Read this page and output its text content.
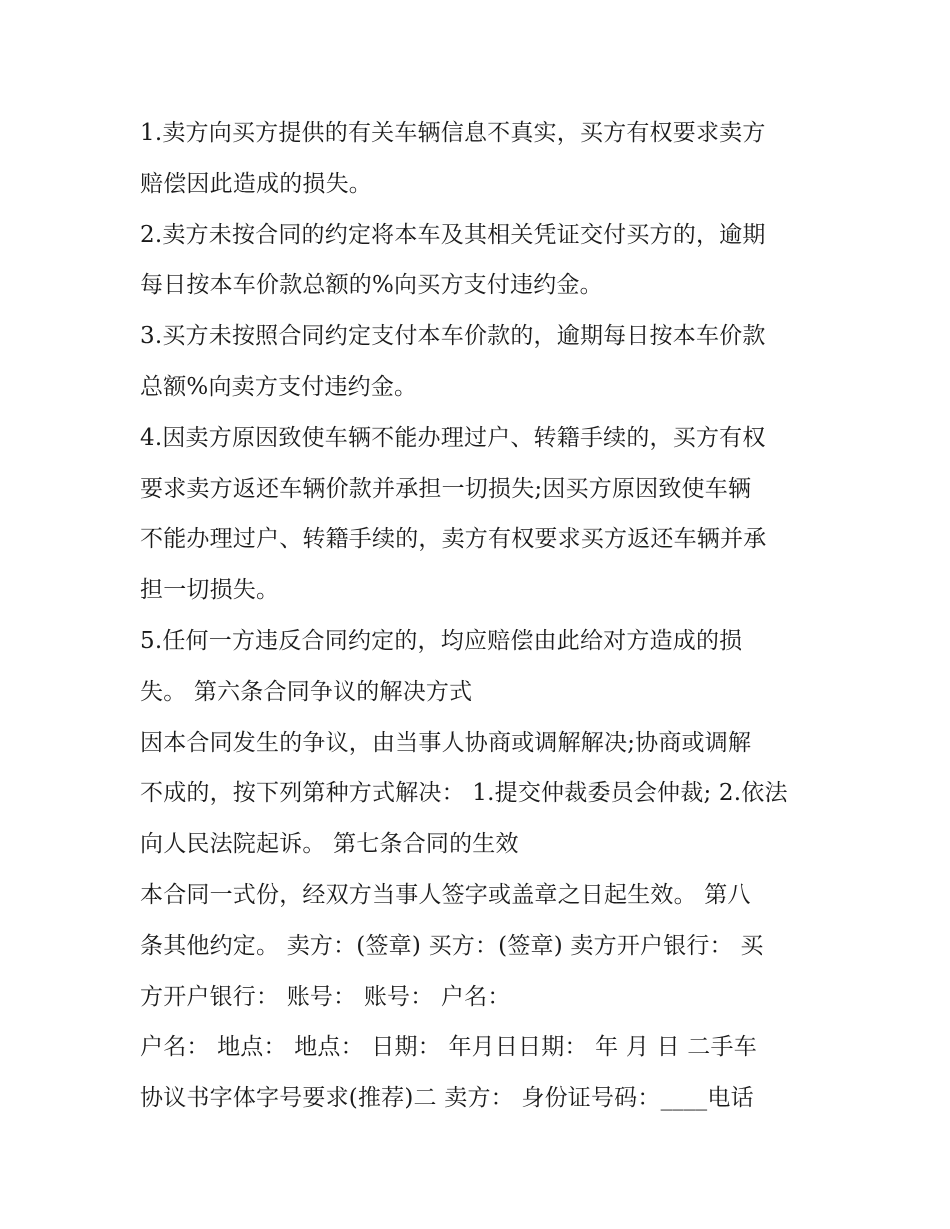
1.卖方向买方提供的有关车辆信息不真实，买方有权要求卖方
赔偿因此造成的损失。
2.卖方未按合同的约定将本车及其相关凭证交付买方的，逾期
每日按本车价款总额的%向买方支付违约金。
3.买方未按照合同约定支付本车价款的，逾期每日按本车价款
总额%向卖方支付违约金。
4.因卖方原因致使车辆不能办理过户、转籍手续的，买方有权
要求卖方返还车辆价款并承担一切损失;因买方原因致使车辆
不能办理过户、转籍手续的，卖方有权要求买方返还车辆并承
担一切损失。
5.任何一方违反合同约定的，均应赔偿由此给对方造成的损
失。 第六条合同争议的解决方式
因本合同发生的争议，由当事人协商或调解解决;协商或调解
不成的，按下列第种方式解决： 1.提交仲裁委员会仲裁; 2.依法
向人民法院起诉。 第七条合同的生效
本合同一式份，经双方当事人签字或盖章之日起生效。 第八
条其他约定。 卖方：(签章) 买方：(签章) 卖方开户银行： 买
方开户银行： 账号： 账号： 户名：
户名： 地点： 地点： 日期： 年月日日期： 年 月 日 二手车
协议书字体字号要求(推荐)二 卖方： 身份证号码：____电话
